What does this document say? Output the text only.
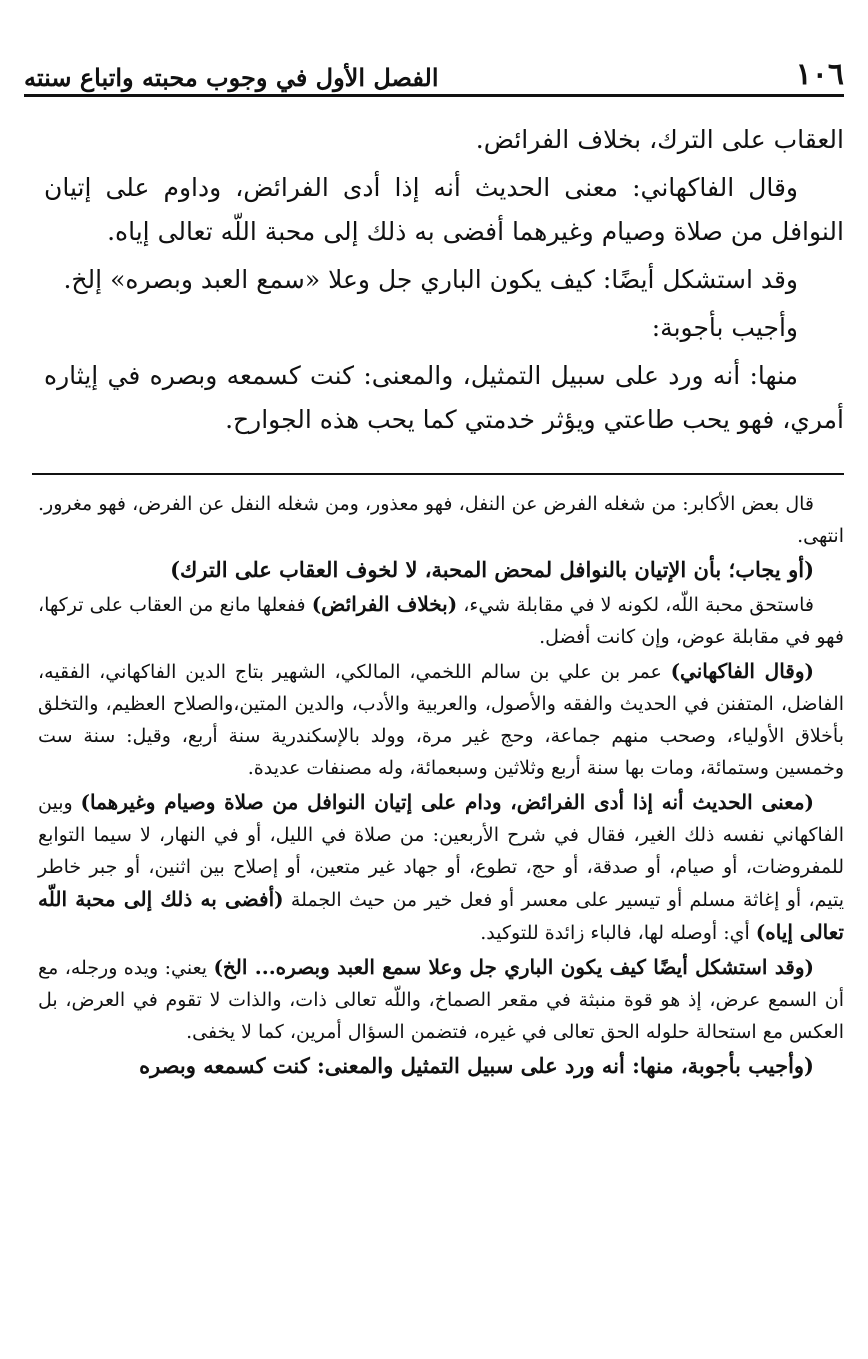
١٠٦
الفصل الأول في وجوب محبته واتباع سنته

العقاب على الترك، بخلاف الفرائض.

وقال الفاكهاني: معنى الحديث أنه إذا أدى الفرائض، وداوم على إتيان النوافل من صلاة وصيام وغيرهما أفضى به ذلك إلى محبة اللّه تعالى إياه.

وقد استشكل أيضًا: كيف يكون الباري جل وعلا «سمع العبد وبصره» إلخ.

وأجيب بأجوبة:

منها: أنه ورد على سبيل التمثيل، والمعنى: كنت كسمعه وبصره في إيثاره أمري، فهو يحب طاعتي ويؤثر خدمتي كما يحب هذه الجوارح.

قال بعض الأكابر: من شغله الفرض عن النفل، فهو معذور، ومن شغله النفل عن الفرض، فهو مغرور. انتهى.

(أو يجاب؛ بأن الإتيان بالنوافل لمحض المحبة، لا لخوف العقاب على الترك)

فاستحق محبة اللّه، لكونه لا في مقابلة شيء، (بخلاف الفرائض) ففعلها مانع من العقاب على تركها، فهو في مقابلة عوض، وإن كانت أفضل.

(وقال الفاكهاني) عمر بن علي بن سالم اللخمي، المالكي، الشهير بتاج الدين الفاكهاني، الفقيه، الفاضل، المتفنن في الحديث والفقه والأصول، والعربية والأدب، والدين المتين،والصلاح العظيم، والتخلق بأخلاق الأولياء، وصحب منهم جماعة، وحج غير مرة، وولد بالإسكندرية سنة أربع، وقيل: سنة ست وخمسين وستمائة، ومات بها سنة أربع وثلاثين وسبعمائة، وله مصنفات عديدة.

(معنى الحديث أنه إذا أدى الفرائض، ودام على إتيان النوافل من صلاة وصيام وغيرهما) وبين الفاكهاني نفسه ذلك الغير، فقال في شرح الأربعين: من صلاة في الليل، أو في النهار، لا سيما التوابع للمفروضات، أو صيام، أو صدقة، أو حج، تطوع، أو جهاد غير متعين، أو إصلاح بين اثنين، أو جبر خاطر يتيم، أو إغاثة مسلم أو تيسير على معسر أو فعل خير من حيث الجملة (أفضى به ذلك إلى محبة اللّه تعالى إياه) أي: أوصله لها، فالباء زائدة للتوكيد.

(وقد استشكل أيضًا كيف يكون الباري جل وعلا سمع العبد وبصره... الخ) يعني: ويده ورجله، مع أن السمع عرض، إذ هو قوة منبثة في مقعر الصماخ، واللّه تعالى ذات، والذات لا تقوم في العرض، بل العكس مع استحالة حلوله الحق تعالى في غيره، فتضمن السؤال أمرين، كما لا يخفى.

(وأجيب بأجوبة، منها: أنه ورد على سبيل التمثيل والمعنى: كنت كسمعه وبصره
